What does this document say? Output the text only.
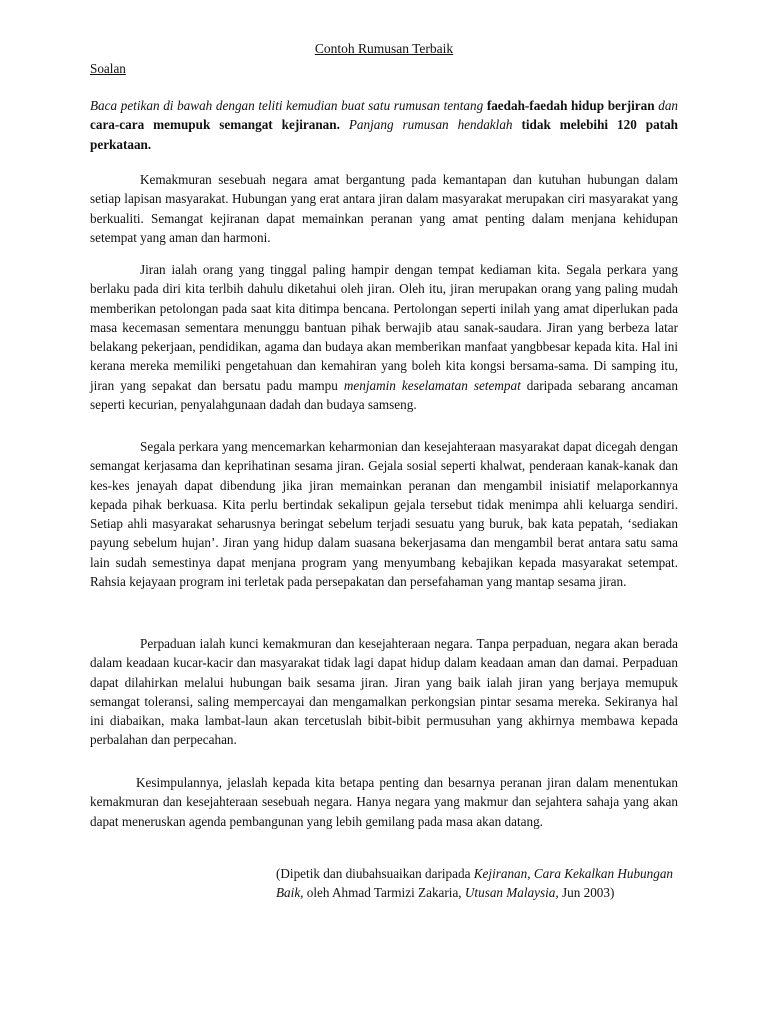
Contoh Rumusan Terbaik
Soalan

Baca petikan di bawah dengan teliti kemudian buat satu rumusan tentang faedah-faedah hidup berjiran dan cara-cara memupuk semangat kejiranan. Panjang rumusan hendaklah tidak melebihi 120 patah perkataan.

Kemakmuran sesebuah negara amat bergantung pada kemantapan dan kutuhan hubungan dalam setiap lapisan masyarakat. Hubungan yang erat antara jiran dalam masyarakat merupakan ciri masyarakat yang berkualiti. Semangat kejiranan dapat memainkan peranan yang amat penting dalam menjana kehidupan setempat yang aman dan harmoni.

Jiran ialah orang yang tinggal paling hampir dengan tempat kediaman kita. Segala perkara yang berlaku pada diri kita terlbih dahulu diketahui oleh jiran. Oleh itu, jiran merupakan orang yang paling mudah memberikan petolongan pada saat kita ditimpa bencana. Pertolongan seperti inilah yang amat diperlukan pada masa kecemasan sementara menunggu bantuan pihak berwajib atau sanak-saudara. Jiran yang berbeza latar belakang pekerjaan, pendidikan, agama dan budaya akan memberikan manfaat yangbbesar kepada kita. Hal ini kerana mereka memiliki pengetahuan dan kemahiran yang boleh kita kongsi bersama-sama. Di samping itu, jiran yang sepakat dan bersatu padu mampu menjamin keselamatan setempat daripada sebarang ancaman seperti kecurian, penyalahgunaan dadah dan budaya samseng.

Segala perkara yang mencemarkan keharmonian dan kesejahteraan masyarakat dapat dicegah dengan semangat kerjasama dan keprihatinan sesama jiran. Gejala sosial seperti khalwat, penderaan kanak-kanak dan kes-kes jenayah dapat dibendung jika jiran memainkan peranan dan mengambil inisiatif melaporkannya kepada pihak berkuasa. Kita perlu bertindak sekalipun gejala tersebut tidak menimpa ahli keluarga sendiri. Setiap ahli masyarakat seharusnya beringat sebelum terjadi sesuatu yang buruk, bak kata pepatah, ‘sediakan payung sebelum hujan’. Jiran yang hidup dalam suasana bekerjasama dan mengambil berat antara satu sama lain sudah semestinya dapat menjana program yang menyumbang kebajikan kepada masyarakat setempat. Rahsia kejayaan program ini terletak pada persepakatan dan persefahaman yang mantap sesama jiran.

Perpaduan ialah kunci kemakmuran dan kesejahteraan negara. Tanpa perpaduan, negara akan berada dalam keadaan kucar-kacir dan masyarakat tidak lagi dapat hidup dalam keadaan aman dan damai. Perpaduan dapat dilahirkan melalui hubungan baik sesama jiran. Jiran yang baik ialah jiran yang berjaya memupuk semangat toleransi, saling mempercayai dan mengamalkan perkongsian pintar sesama mereka. Sekiranya hal ini diabaikan, maka lambat-laun akan tercetuslah bibit-bibit permusuhan yang akhirnya membawa kepada perbalahan dan perpecahan.

Kesimpulannya, jelaslah kepada kita betapa penting dan besarnya peranan jiran dalam menentukan kemakmuran dan kesejahteraan sesebuah negara. Hanya negara yang makmur dan sejahtera sahaja yang akan dapat meneruskan agenda pembangunan yang lebih gemilang pada masa akan datang.

(Dipetik dan diubahsuaikan daripada Kejiranan, Cara Kekalkan Hubungan Baik, oleh Ahmad Tarmizi Zakaria, Utusan Malaysia, Jun 2003)
